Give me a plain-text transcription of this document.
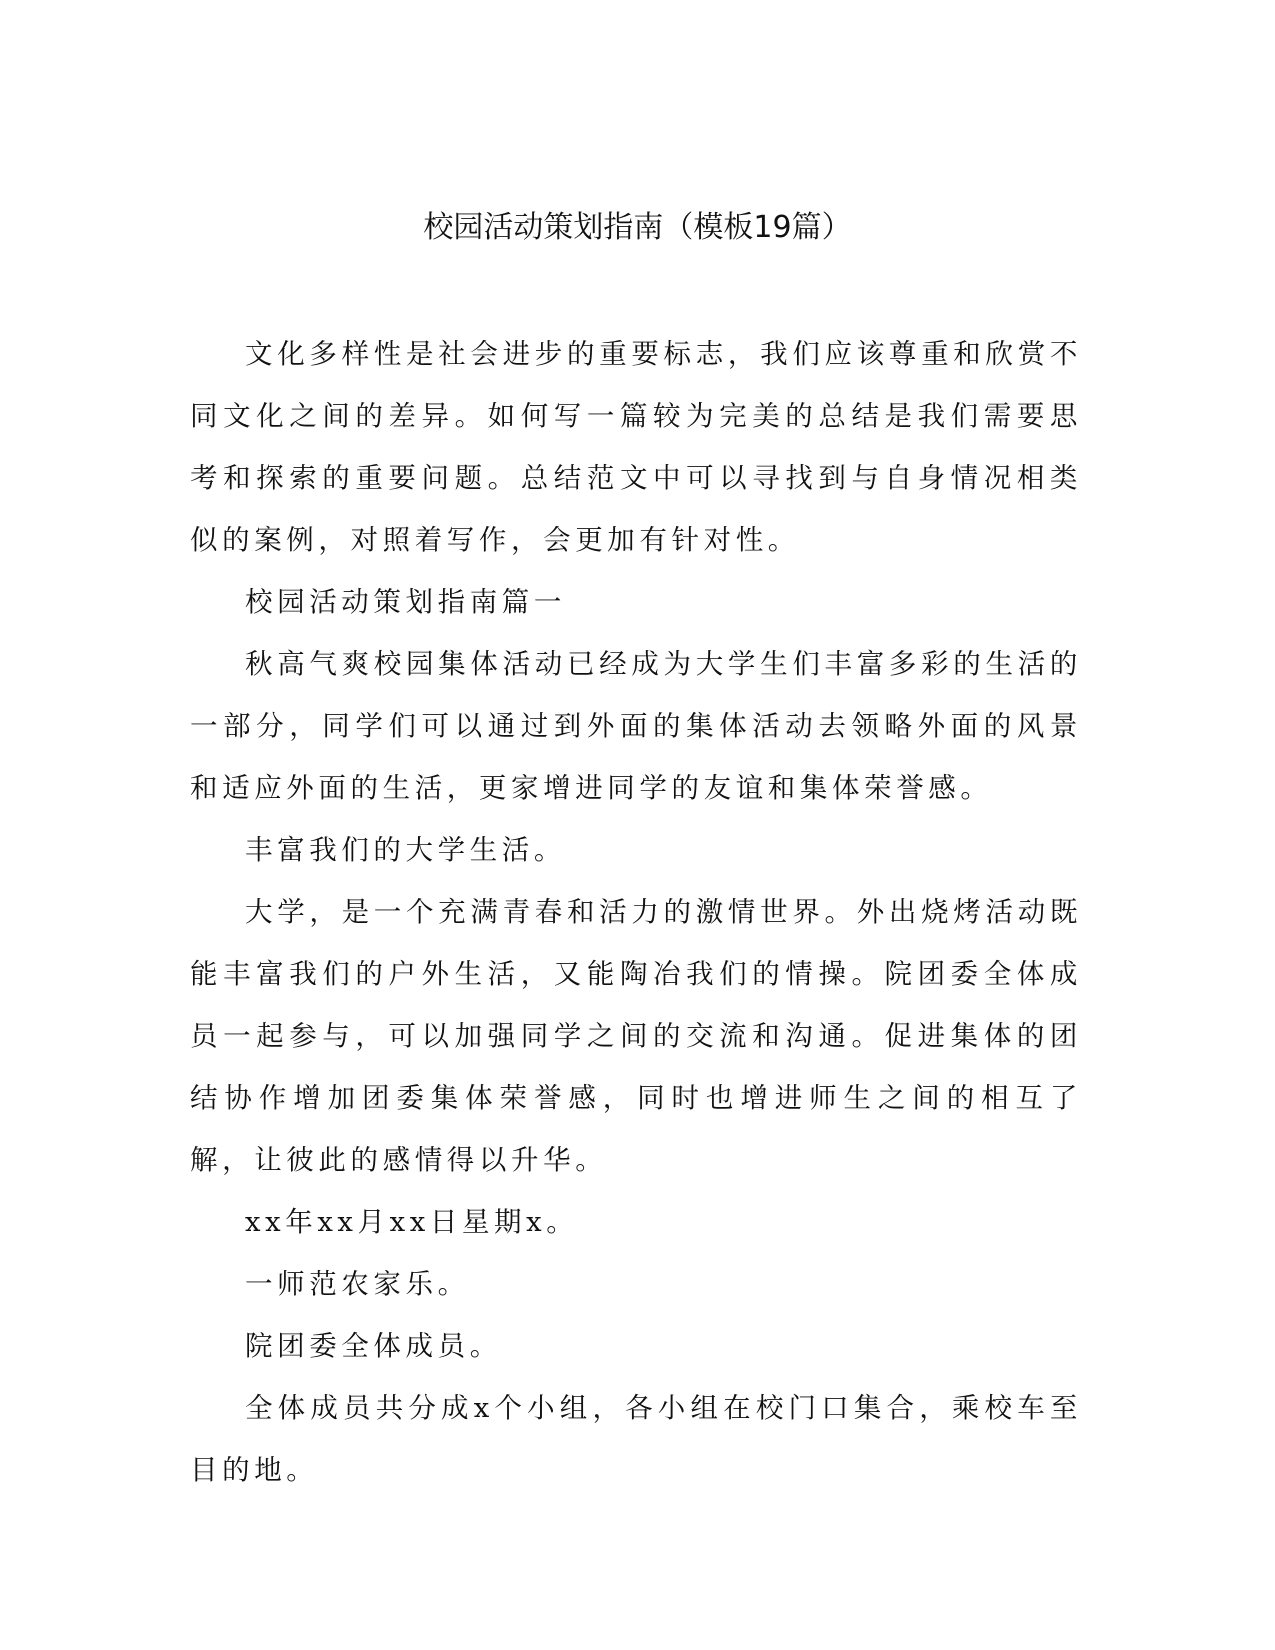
校园活动策划指南（模板19篇）

文化多样性是社会进步的重要标志，我们应该尊重和欣赏不同文化之间的差异。如何写一篇较为完美的总结是我们需要思考和探索的重要问题。总结范文中可以寻找到与自身情况相类似的案例，对照着写作，会更加有针对性。

校园活动策划指南篇一

秋高气爽校园集体活动已经成为大学生们丰富多彩的生活的一部分，同学们可以通过到外面的集体活动去领略外面的风景和适应外面的生活，更家增进同学的友谊和集体荣誉感。

丰富我们的大学生活。

大学，是一个充满青春和活力的激情世界。外出烧烤活动既能丰富我们的户外生活，又能陶冶我们的情操。院团委全体成员一起参与，可以加强同学之间的交流和沟通。促进集体的团结协作增加团委集体荣誉感，同时也增进师生之间的相互了解，让彼此的感情得以升华。

xx年xx月xx日星期x。

一师范农家乐。

院团委全体成员。

全体成员共分成x个小组，各小组在校门口集合，乘校车至目的地。
